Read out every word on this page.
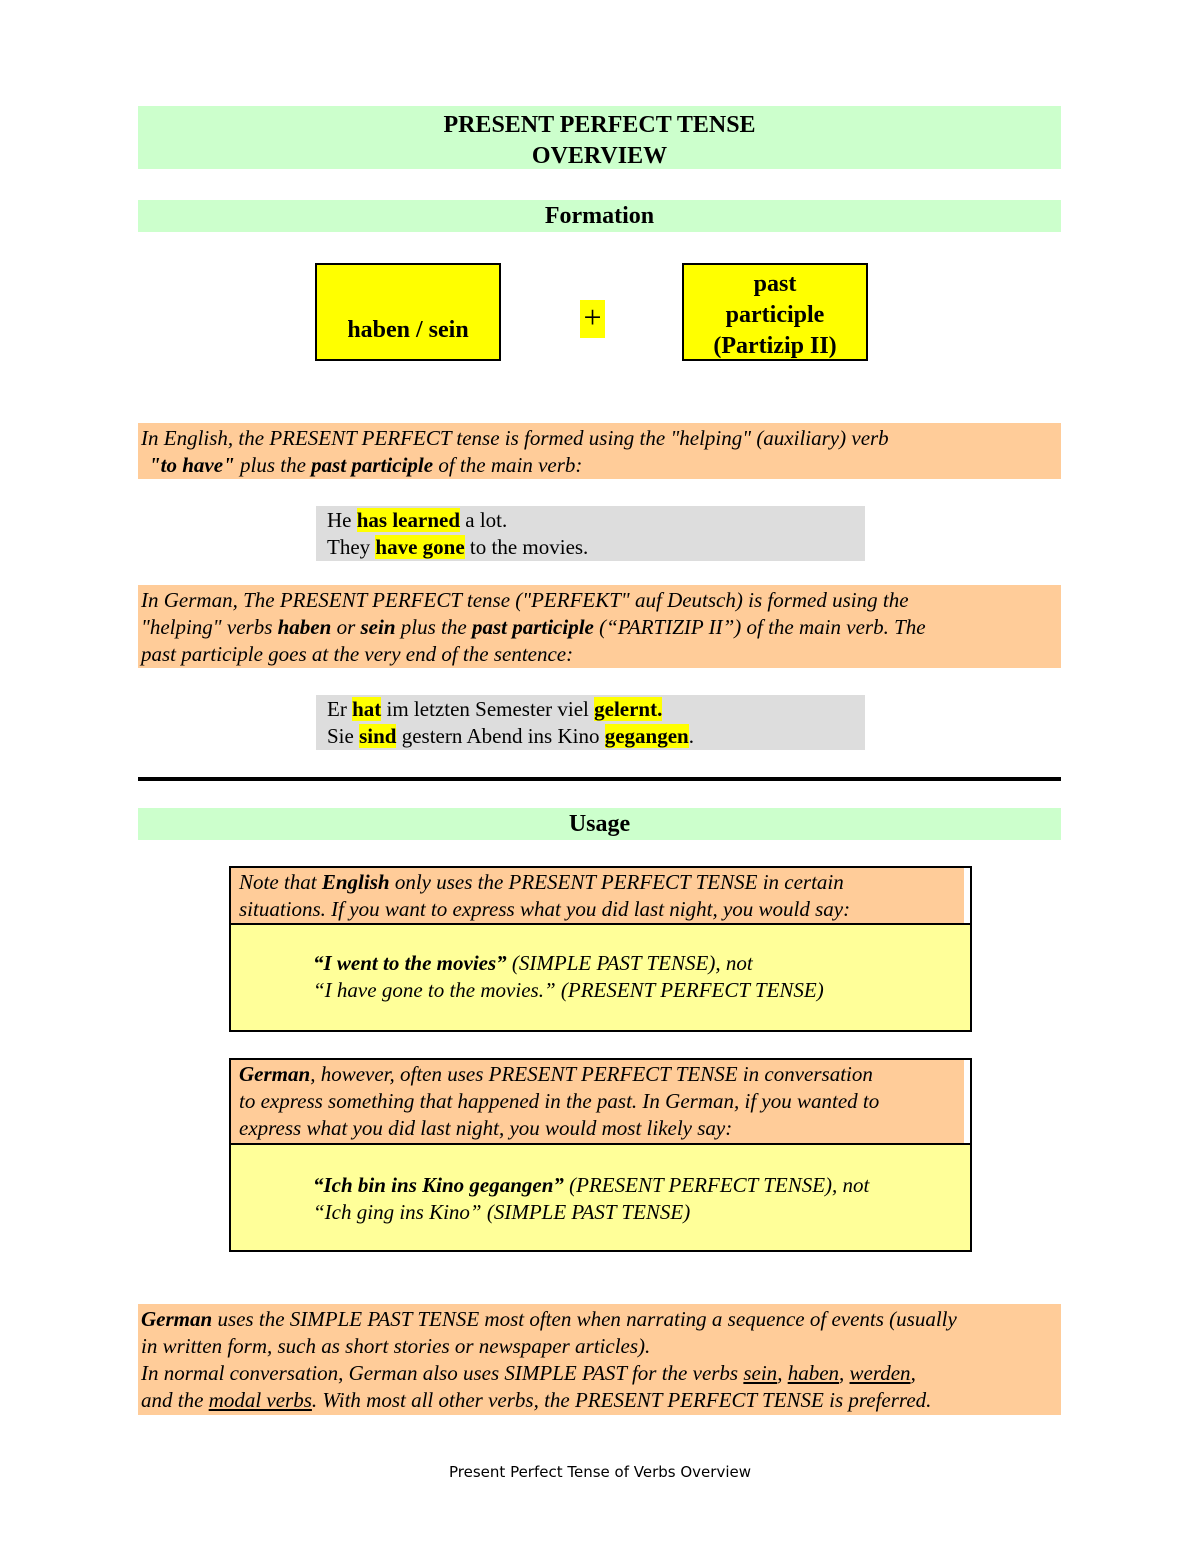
PRESENT PERFECT TENSE
OVERVIEW
Formation
haben / sein	+
past
participle
(Partizip II)
In English, the PRESENT PERFECT tense is formed using the "helping" (auxiliary) verb
"to have" plus the past participle of the main verb:
He has learned a lot.
They have gone to the movies.
In German, The PRESENT PERFECT tense ("PERFEKT" auf Deutsch) is formed using the
"helping" verbs haben or sein plus the past participle (“PARTIZIP II”) of the main verb. The
past participle goes at the very end of the sentence:
Er hat im letzten Semester viel gelernt.
Sie sind gestern Abend ins Kino gegangen.
Usage
Note that English only uses the PRESENT PERFECT TENSE in certain
situations. If you want to express what you did last night, you would say:
“I went to the movies” (SIMPLE PAST TENSE), not
“I have gone to the movies.” (PRESENT PERFECT TENSE)
German, however, often uses PRESENT PERFECT TENSE in conversation
to express something that happened in the past. In German, if you wanted to
express what you did last night, you would most likely say:
“Ich bin ins Kino gegangen” (PRESENT PERFECT TENSE), not
“Ich ging ins Kino” (SIMPLE PAST TENSE)
German uses the SIMPLE PAST TENSE most often when narrating a sequence of events (usually
in written form, such as short stories or newspaper articles).
In normal conversation, German also uses SIMPLE PAST for the verbs sein, haben, werden,
and the modal verbs. With most all other verbs, the PRESENT PERFECT TENSE is preferred.
Present Perfect Tense of Verbs Overview
